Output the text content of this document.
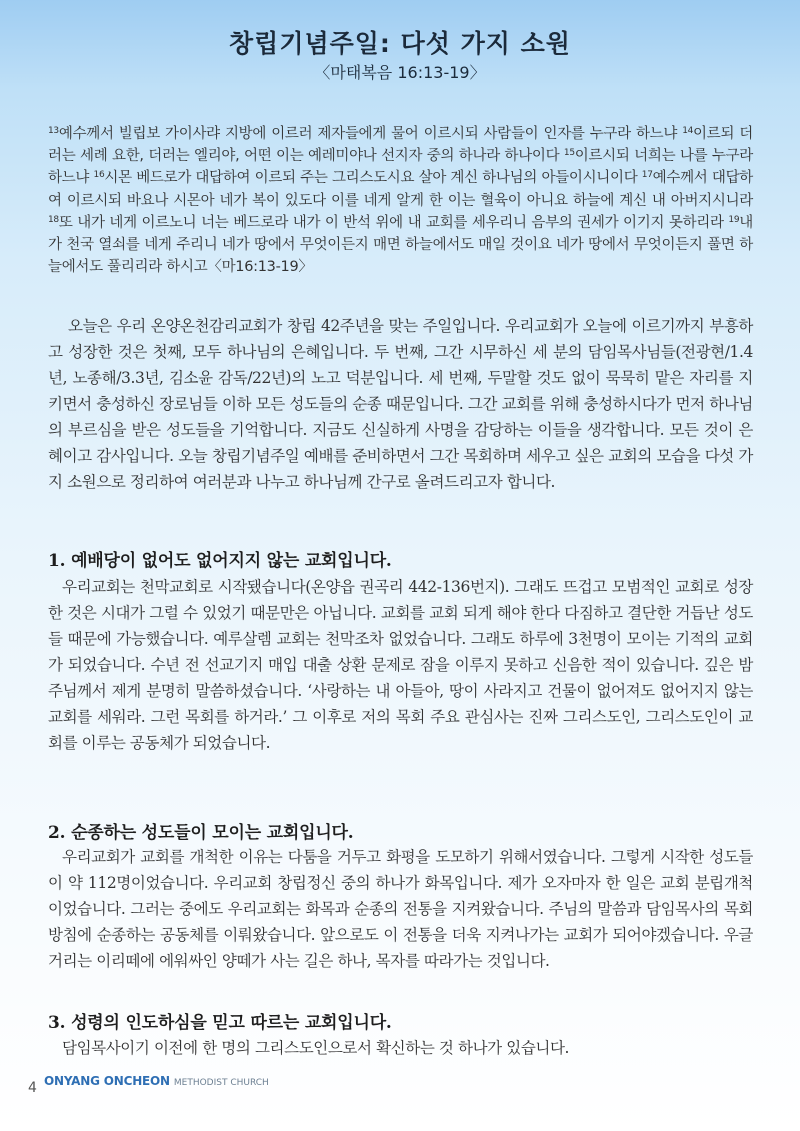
창립기념주일: 다섯 가지 소원
〈마태복음 16:13-19〉
$^{13}$예수께서 빌립보 가이사랴 지방에 이르러 제자들에게 물어 이르시되 사람들이 인자를 누구라 하느냐 $^{14}$이르되 더러는 세례 요한, 더러는 엘리야, 어떤 이는 예레미야나 선지자 중의 하나라 하나이다 $^{15}$이르시되 너희는 나를 누구라 하느냐 $^{16}$시몬 베드로가 대답하여 이르되 주는 그리스도시요 살아 계신 하나님의 아들이시니이다 $^{17}$예수께서 대답하여 이르시되 바요나 시몬아 네가 복이 있도다 이를 네게 알게 한 이는 혈육이 아니요 하늘에 계신 내 아버지시니라 $^{18}$또 내가 네게 이르노니 너는 베드로라 내가 이 반석 위에 내 교회를 세우리니 음부의 권세가 이기지 못하리라 $^{19}$내가 천국 열쇠를 네게 주리니 네가 땅에서 무엇이든지 매면 하늘에서도 매일 것이요 네가 땅에서 무엇이든지 풀면 하늘에서도 풀리리라 하시고〈마16:13-19〉
오늘은 우리 온양온천감리교회가 창립 42주년을 맞는 주일입니다. 우리교회가 오늘에 이르기까지 부흥하고 성장한 것은 첫째, 모두 하나님의 은혜입니다. 두 번째, 그간 시무하신 세 분의 담임목사님들(전광현/1.4년, 노종해/3.3년, 김소윤 감독/22년)의 노고 덕분입니다. 세 번째, 두말할 것도 없이 묵묵히 맡은 자리를 지키면서 충성하신 장로님들 이하 모든 성도들의 순종 때문입니다. 그간 교회를 위해 충성하시다가 먼저 하나님의 부르심을 받은 성도들을 기억합니다. 지금도 신실하게 사명을 감당하는 이들을 생각합니다. 모든 것이 은혜이고 감사입니다. 오늘 창립기념주일 예배를 준비하면서 그간 목회하며 세우고 싶은 교회의 모습을 다섯 가지 소원으로 정리하여 여러분과 나누고 하나님께 간구로 올려드리고자 합니다.
1. 예배당이 없어도 없어지지 않는 교회입니다.
우리교회는 천막교회로 시작됐습니다(온양읍 권곡리 442-136번지). 그래도 뜨겁고 모범적인 교회로 성장한 것은 시대가 그럴 수 있었기 때문만은 아닙니다. 교회를 교회 되게 해야 한다 다짐하고 결단한 거듭난 성도들 때문에 가능했습니다. 예루살렘 교회는 천막조차 없었습니다. 그래도 하루에 3천명이 모이는 기적의 교회가 되었습니다. 수년 전 선교기지 매입 대출 상환 문제로 잠을 이루지 못하고 신음한 적이 있습니다. 깊은 밤 주님께서 제게 분명히 말씀하셨습니다. ‘사랑하는 내 아들아, 땅이 사라지고 건물이 없어져도 없어지지 않는 교회를 세워라. 그런 목회를 하거라.’ 그 이후로 저의 목회 주요 관심사는 진짜 그리스도인, 그리스도인이 교회를 이루는 공동체가 되었습니다.
2. 순종하는 성도들이 모이는 교회입니다.
우리교회가 교회를 개척한 이유는 다툼을 거두고 화평을 도모하기 위해서였습니다. 그렇게 시작한 성도들이 약 112명이었습니다. 우리교회 창립정신 중의 하나가 화목입니다. 제가 오자마자 한 일은 교회 분립개척이었습니다. 그러는 중에도 우리교회는 화목과 순종의 전통을 지켜왔습니다. 주님의 말씀과 담임목사의 목회방침에 순종하는 공동체를 이뤄왔습니다. 앞으로도 이 전통을 더욱 지켜나가는 교회가 되어야겠습니다. 우글거리는 이리떼에 에워싸인 양떼가 사는 길은 하나, 목자를 따라가는 것입니다.
3. 성령의 인도하심을 믿고 따르는 교회입니다.
담임목사이기 이전에 한 명의 그리스도인으로서 확신하는 것 하나가 있습니다.
4 ONYANG ONCHEON METHODIST CHURCH
